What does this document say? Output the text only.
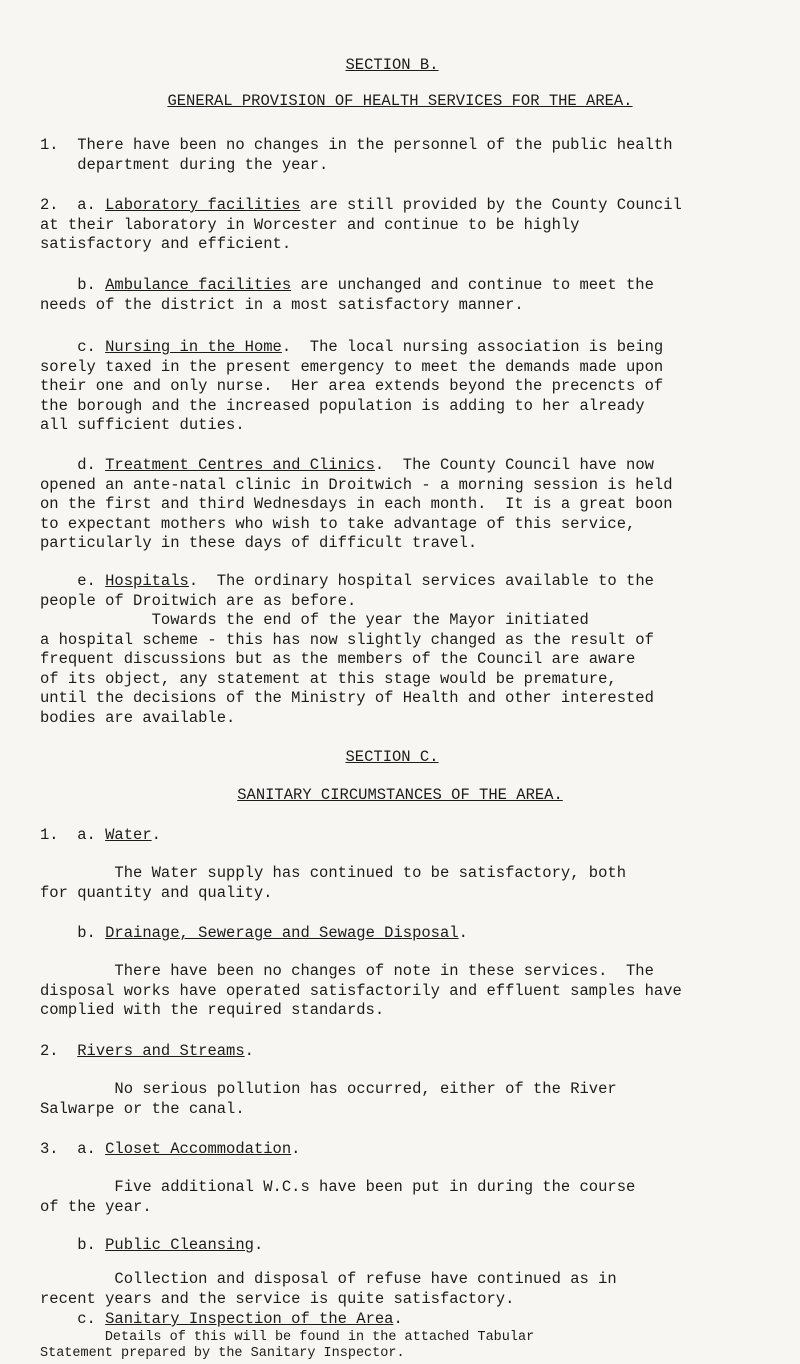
SECTION B.
GENERAL PROVISION OF HEALTH SERVICES FOR THE AREA.
1.  There have been no changes in the personnel of the public health
department during the year.
2.  a. Laboratory facilities are still provided by the County Council
at their laboratory in Worcester and continue to be highly
satisfactory and efficient.
b. Ambulance facilities are unchanged and continue to meet the
needs of the district in a most satisfactory manner.
c. Nursing in the Home.  The local nursing association is being
sorely taxed in the present emergency to meet the demands made upon
their one and only nurse.  Her area extends beyond the precencts of
the borough and the increased population is adding to her already
all sufficient duties.
d. Treatment Centres and Clinics.  The County Council have now
opened an ante-natal clinic in Droitwich - a morning session is held
on the first and third Wednesdays in each month.  It is a great boon
to expectant mothers who wish to take advantage of this service,
particularly in these days of difficult travel.
e. Hospitals.  The ordinary hospital services available to the
people of Droitwich are as before.
Towards the end of the year the Mayor initiated
a hospital scheme - this has now slightly changed as the result of
frequent discussions but as the members of the Council are aware
of its object, any statement at this stage would be premature,
until the decisions of the Ministry of Health and other interested
bodies are available.
SECTION C.
SANITARY CIRCUMSTANCES OF THE AREA.
1.  a. Water.
The Water supply has continued to be satisfactory, both
for quantity and quality.
b. Drainage, Sewerage and Sewage Disposal.
There have been no changes of note in these services.  The
disposal works have operated satisfactorily and effluent samples have
complied with the required standards.
2.  Rivers and Streams.
No serious pollution has occurred, either of the River
Salwarpe or the canal.
3.  a. Closet Accommodation.
Five additional W.C.s have been put in during the course
of the year.
b. Public Cleansing.
Collection and disposal of refuse have continued as in
recent years and the service is quite satisfactory.
c. Sanitary Inspection of the Area.
Details of this will be found in the attached Tabular
Statement prepared by the Sanitary Inspector.
